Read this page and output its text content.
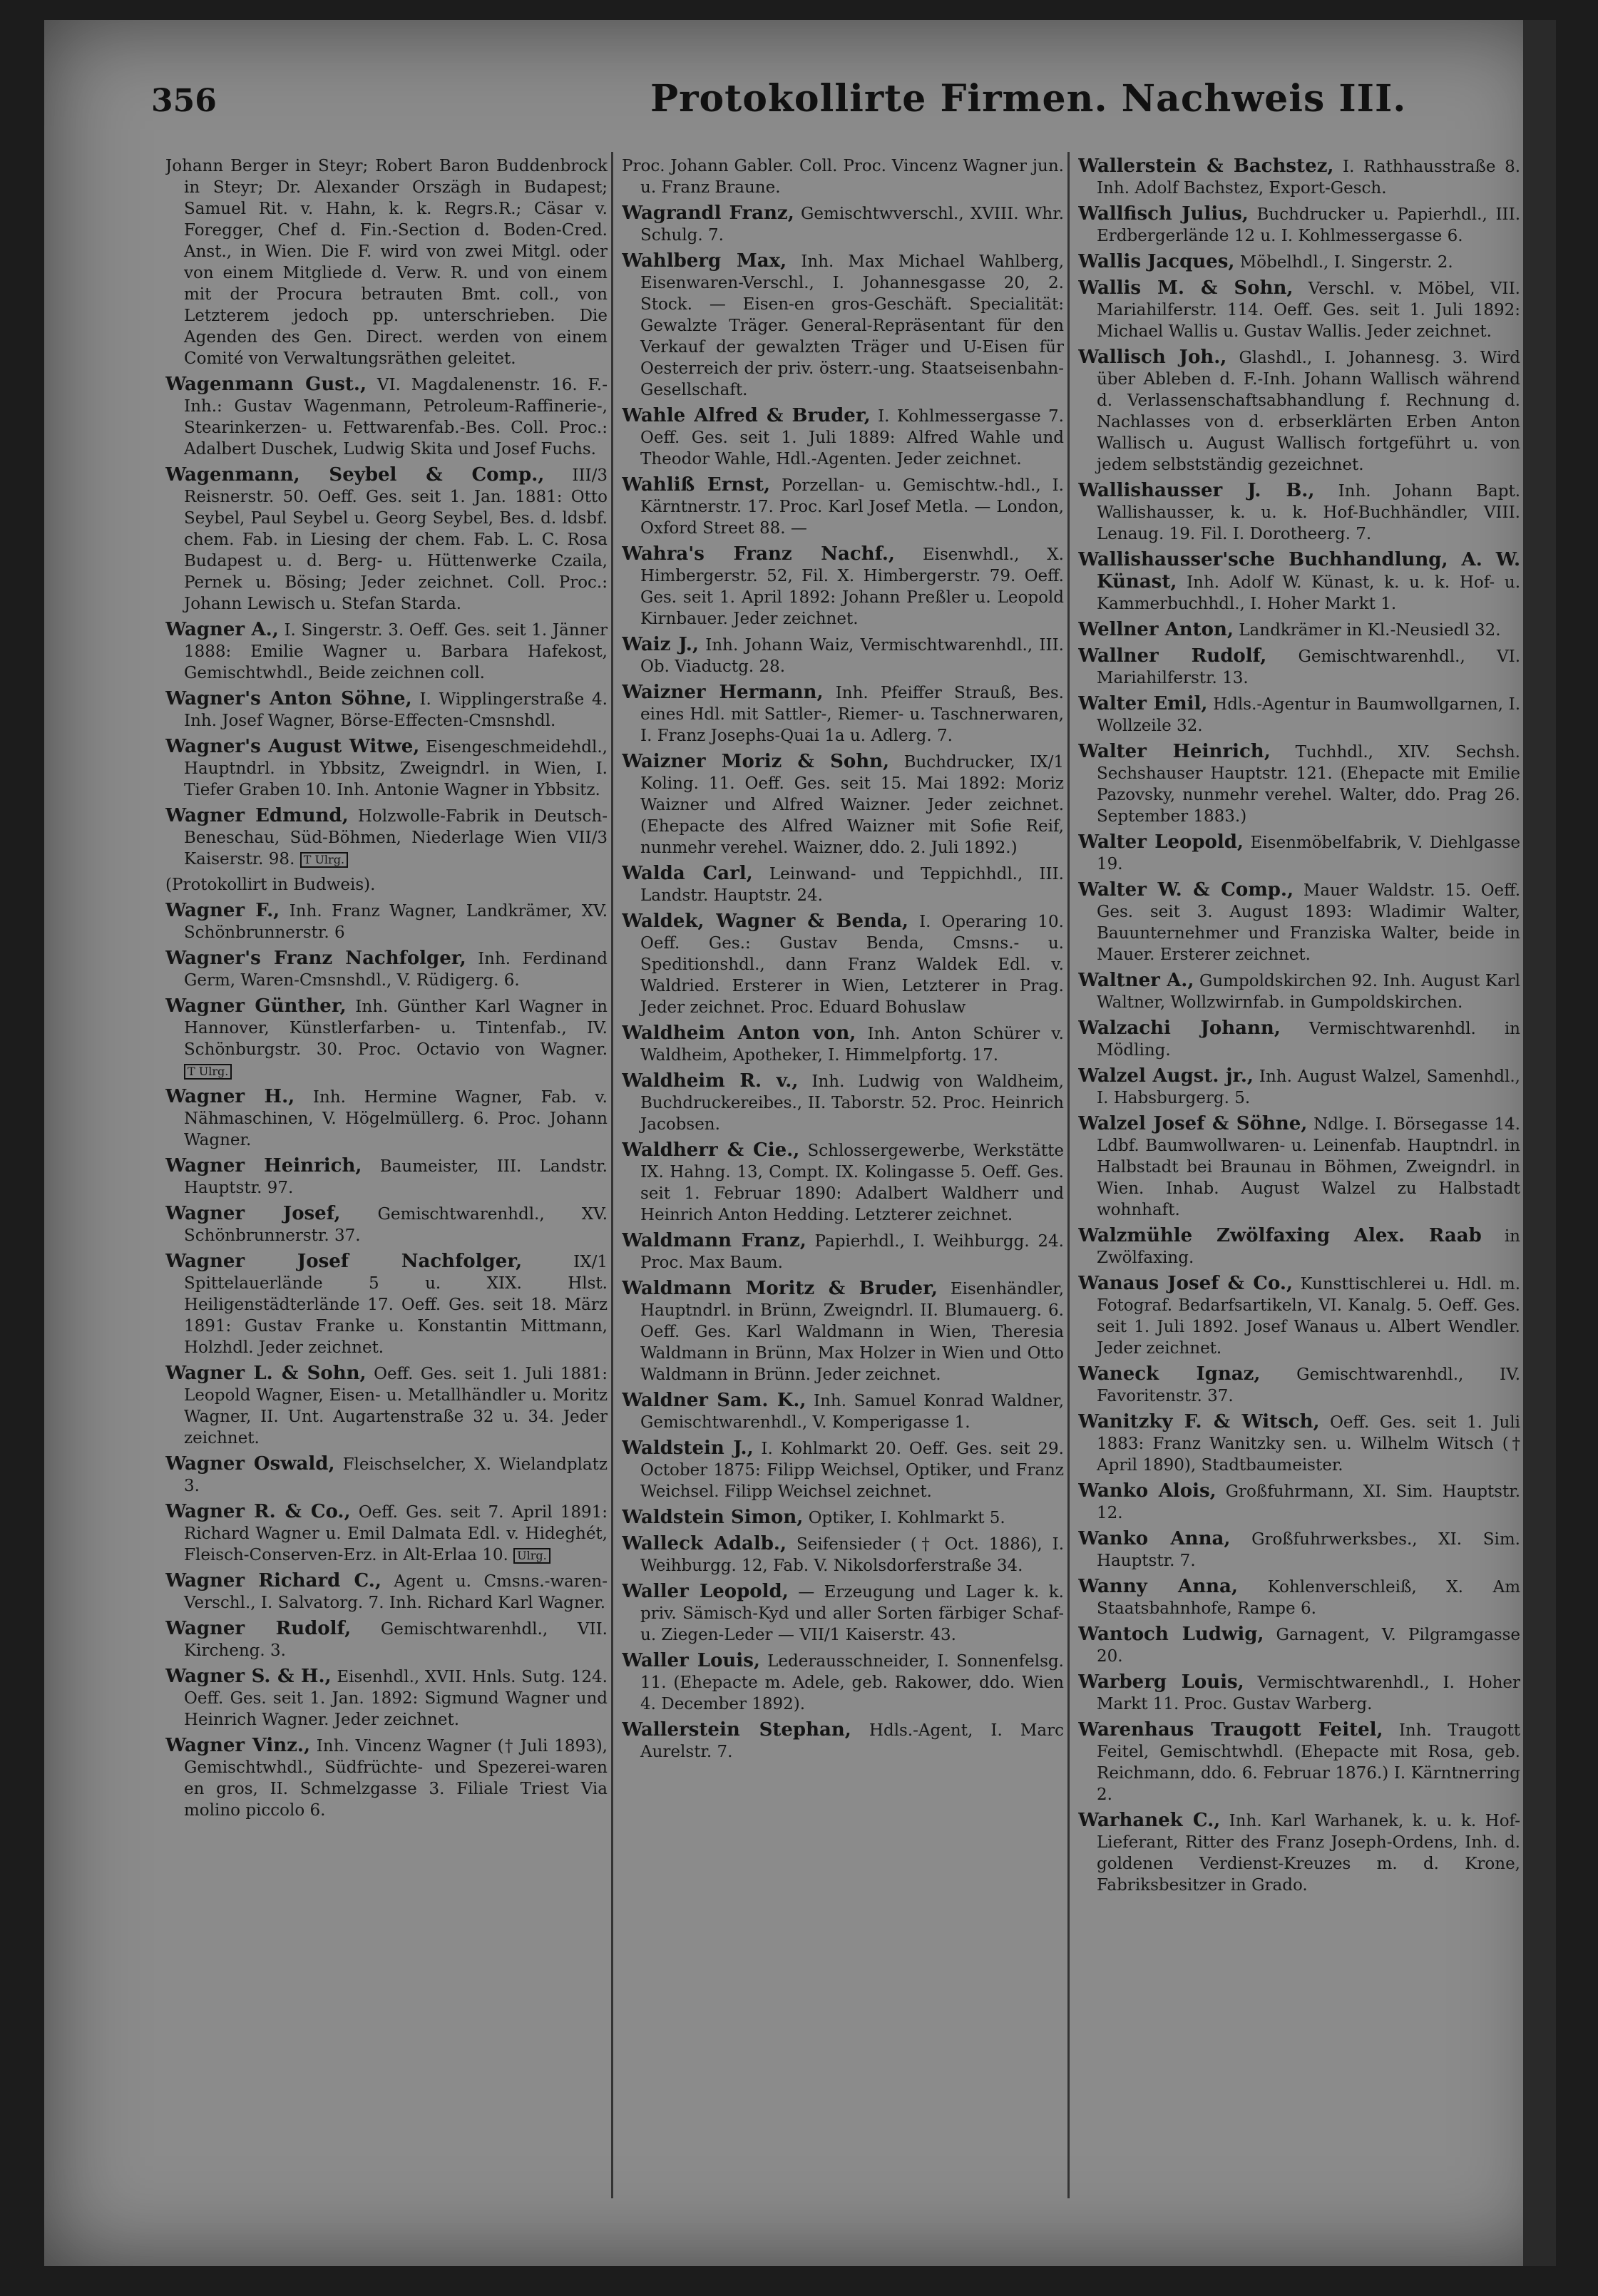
356	Protokollirte Firmen. Nachweis III.
Johann Berger in Steyr; Robert Baron Buddenbrock in Steyr; Dr. Alexander Orszägh in Budapest; Samuel Rit. v. Hahn, k. k. Regrs.R.; Cäsar v. Foregger, Chef d. Fin.-Section d. Boden-Cred. Anst., in Wien. Die F. wird von zwei Mitgl. oder von einem Mitgliede d. Verw. R. und von einem mit der Procura betrauten Bmt. coll., von Letzterem jedoch pp. unterschrieben. Die Agenden des Gen. Direct. werden von einem Comité von Verwaltungsräthen geleitet.
Wagenmann Gust., VI. Magdalenenstr. 16. F.-Inh.: Gustav Wagenmann, Petroleum-Raffinerie-, Stearinkerzen- u. Fettwarenfab.-Bes. Coll. Proc.: Adalbert Duschek, Ludwig Skita und Josef Fuchs.
Wagenmann, Seybel & Comp., III/3 Reisnerstr. 50. Oeff. Ges. seit 1. Jan. 1881: Otto Seybel, Paul Seybel u. Georg Seybel, Bes. d. ldsbf. chem. Fab. in Liesing der chem. Fab. L. C. Rosa Budapest u. d. Berg- u. Hüttenwerke Czaila, Pernek u. Bösing; Jeder zeichnet. Coll. Proc.: Johann Lewisch u. Stefan Starda.
Wagner A., I. Singerstr. 3. Oeff. Ges. seit 1. Jänner 1888: Emilie Wagner u. Barbara Hafekost, Gemischtwhdl., Beide zeichnen coll.
Wagner's Anton Söhne, I. Wipplingerstraße 4. Inh. Josef Wagner, Börse-Effecten-Cmsnshdl.
Wagner's August Witwe, Eisengeschmeidehdl., Hauptndrl. in Ybbsitz, Zweigndrl. in Wien, I. Tiefer Graben 10. Inh. Antonie Wagner in Ybbsitz.
Wagner Edmund, Holzwolle-Fabrik in Deutsch-Beneschau, Süd-Böhmen, Niederlage Wien VII/3 Kaiserstr. 98. T Ulrg.
(Protokollirt in Budweis).
Wagner F., Inh. Franz Wagner, Landkrämer, XV. Schönbrunnerstr. 6
Wagner's Franz Nachfolger, Inh. Ferdinand Germ, Waren-Cmsnshdl., V. Rüdigerg. 6.
Wagner Günther, Inh. Günther Karl Wagner in Hannover, Künstlerfarben- u. Tintenfab., IV. Schönburgstr. 30. Proc. Octavio von Wagner. T Ulrg.
Wagner H., Inh. Hermine Wagner, Fab. v. Nähmaschinen, V. Högelmüllerg. 6. Proc. Johann Wagner.
Wagner Heinrich, Baumeister, III. Landstr. Hauptstr. 97.
Wagner Josef, Gemischtwarenhdl., XV. Schönbrunnerstr. 37.
Wagner Josef Nachfolger,	IX/1 Spittelauerlände 5 u. XIX. Hlst. Heiligenstädterlände 17. Oeff. Ges. seit 18. März 1891: Gustav Franke u. Konstantin Mittmann, Holzhdl. Jeder zeichnet.
Wagner L. & Sohn, Oeff. Ges. seit 1. Juli 1881: Leopold Wagner, Eisen- u. Metallhändler u. Moritz Wagner, II. Unt. Augartenstraße 32 u. 34. Jeder zeichnet.
Wagner Oswald, Fleischselcher, X. Wielandplatz 3.
Wagner R. & Co., Oeff. Ges. seit 7. April 1891: Richard Wagner u. Emil Dalmata Edl. v. Hideghét, Fleisch-Conserven-Erz. in Alt-Erlaa 10. Ulrg.
Wagner Richard C., Agent u. Cmsns.-waren-Verschl., I. Salvatorg. 7. Inh. Richard Karl Wagner.
Wagner Rudolf, Gemischtwarenhdl., VII. Kircheng. 3.
Wagner S. & H., Eisenhdl., XVII. Hnls. Sutg. 124. Oeff. Ges. seit 1. Jan. 1892: Sigmund Wagner und Heinrich Wagner. Jeder zeichnet.
Wagner Vinz., Inh. Vincenz Wagner († Juli 1893), Gemischtwhdl., Südfrüchte- und Spezerei-waren en gros, II. Schmelzgasse 3. Filiale Triest Via molino piccolo 6.
Proc. Johann Gabler. Coll. Proc. Vincenz Wagner jun. u. Franz Braune.
Wagrandl Franz, Gemischtwverschl., XVIII. Whr. Schulg. 7.
Wahlberg Max, Inh. Max Michael Wahlberg, Eisenwaren-Verschl., I. Johannesgasse 20, 2. Stock. — Eisen-en gros-Geschäft. Specialität: Gewalzte Träger. General-Repräsentant für den Verkauf der gewalzten Träger und U-Eisen für Oesterreich der priv. österr.-ung. Staatseisenbahn-Gesellschaft.
Wahle Alfred & Bruder, I. Kohlmessergasse 7. Oeff. Ges. seit 1. Juli 1889: Alfred Wahle und Theodor Wahle, Hdl.-Agenten. Jeder zeichnet.
Wahliß Ernst, Porzellan- u. Gemischtw.-hdl., I. Kärntnerstr. 17. Proc. Karl Josef Metla. — London, Oxford Street 88. —
Wahra's Franz Nachf., Eisenwhdl., X. Himbergerstr. 52, Fil. X. Himbergerstr. 79. Oeff. Ges. seit 1. April 1892: Johann Preßler u. Leopold Kirnbauer. Jeder zeichnet.
Waiz J., Inh. Johann Waiz, Vermischtwarenhdl., III. Ob. Viaductg. 28.
Waizner Hermann, Inh. Pfeiffer Strauß, Bes. eines Hdl. mit Sattler-, Riemer- u. Taschnerwaren, I. Franz Josephs-Quai 1a u. Adlerg. 7.
Waizner Moriz & Sohn, Buchdrucker, IX/1 Koling. 11. Oeff. Ges. seit 15. Mai 1892: Moriz Waizner und Alfred Waizner. Jeder zeichnet. (Ehepacte des Alfred Waizner mit Sofie Reif, nunmehr verehel. Waizner, ddo. 2. Juli 1892.)
Walda Carl, Leinwand- und Teppichhdl., III. Landstr. Hauptstr. 24.
Waldek, Wagner & Benda, I. Operaring 10. Oeff. Ges.: Gustav Benda, Cmsns.- u. Speditionshdl., dann Franz Waldek Edl. v. Waldried. Ersterer in Wien, Letzterer in Prag. Jeder zeichnet. Proc. Eduard Bohuslaw
Waldheim Anton von, Inh. Anton Schürer v. Waldheim, Apotheker, I. Himmelpfortg. 17.
Waldheim R. v., Inh. Ludwig von Waldheim, Buchdruckereibes., II. Taborstr. 52. Proc. Heinrich Jacobsen.
Waldherr & Cie., Schlossergewerbe, Werkstätte IX. Hahng. 13, Compt. IX. Kolingasse 5. Oeff. Ges. seit 1. Februar 1890: Adalbert Waldherr und Heinrich Anton Hedding. Letzterer zeichnet.
Waldmann Franz, Papierhdl., I. Weihburgg. 24. Proc. Max Baum.
Waldmann Moritz & Bruder, Eisenhändler, Hauptndrl. in Brünn, Zweigndrl. II. Blumauerg. 6. Oeff. Ges. Karl Waldmann in Wien, Theresia Waldmann in Brünn, Max Holzer in Wien und Otto Waldmann in Brünn. Jeder zeichnet.
Waldner Sam. K., Inh. Samuel Konrad Waldner, Gemischtwarenhdl., V. Komperigasse 1.
Waldstein J., I. Kohlmarkt 20. Oeff. Ges. seit 29. October 1875: Filipp Weichsel, Optiker, und Franz Weichsel. Filipp Weichsel zeichnet.
Waldstein Simon, Optiker, I. Kohlmarkt 5.
Walleck Adalb., Seifensieder († Oct. 1886), I. Weihburgg. 12, Fab. V. Nikolsdorferstraße 34.
Waller Leopold, — Erzeugung und Lager k. k. priv. Sämisch-Kyd und aller Sorten färbiger Schaf- u. Ziegen-Leder — VII/1 Kaiserstr. 43.
Waller Louis, Lederausschneider, I. Sonnenfelsg. 11. (Ehepacte m. Adele, geb. Rakower, ddo. Wien 4. December 1892).
Wallerstein Stephan, Hdls.-Agent, I. Marc Aurelstr. 7.
Wallerstein & Bachstez, I. Rathhausstraße 8. Inh. Adolf Bachstez, Export-Gesch.
Wallfisch Julius, Buchdrucker u. Papierhdl., III. Erdbergerlände 12 u. I. Kohlmessergasse 6.
Wallis Jacques, Möbelhdl., I. Singerstr. 2.
Wallis M. & Sohn, Verschl. v. Möbel, VII. Mariahilferstr. 114. Oeff. Ges. seit 1. Juli 1892: Michael Wallis u. Gustav Wallis. Jeder zeichnet.
Wallisch Joh., Glashdl., I. Johannesg. 3. Wird über Ableben d. F.-Inh. Johann Wallisch während d. Verlassenschaftsabhandlung f. Rechnung d. Nachlasses von d. erbserklärten Erben Anton Wallisch u. August Wallisch fortgeführt u. von jedem selbstständig gezeichnet.
Wallishausser J. B., Inh. Johann Bapt. Wallishausser, k. u. k. Hof-Buchhändler, VIII. Lenaug. 19. Fil. I. Dorotheerg. 7.
Wallishausser'sche Buchhandlung, A. W. Künast, Inh. Adolf W. Künast, k. u. k. Hof- u. Kammerbuchhdl., I. Hoher Markt 1.
Wellner Anton, Landkrämer in Kl.-Neusiedl 32.
Wallner Rudolf, Gemischtwarenhdl., VI. Mariahilferstr. 13.
Walter Emil, Hdls.-Agentur in Baumwollgarnen, I. Wollzeile 32.
Walter Heinrich, Tuchhdl., XIV. Sechsh. Sechshauser Hauptstr. 121. (Ehepacte mit Emilie Pazovsky, nunmehr verehel. Walter, ddo. Prag 26. September 1883.)
Walter Leopold, Eisenmöbelfabrik, V. Diehlgasse 19.
Walter W. & Comp., Mauer Waldstr. 15. Oeff. Ges. seit 3. August 1893: Wladimir Walter, Bauunternehmer und Franziska Walter, beide in Mauer. Ersterer zeichnet.
Waltner A., Gumpoldskirchen 92. Inh. August Karl Waltner, Wollzwirnfab. in Gumpoldskirchen.
Walzachi Johann, Vermischtwarenhdl. in Mödling.
Walzel Augst. jr., Inh. August Walzel, Samenhdl., I. Habsburgerg. 5.
Walzel Josef & Söhne, Ndlge. I. Börsegasse 14. Ldbf. Baumwollwaren- u. Leinenfab. Hauptndrl. in Halbstadt bei Braunau in Böhmen, Zweigndrl. in Wien. Inhab. August Walzel zu Halbstadt wohnhaft.
Walzmühle Zwölfaxing Alex. Raab in Zwölfaxing.
Wanaus Josef & Co., Kunsttischlerei u. Hdl. m. Fotograf. Bedarfsartikeln, VI. Kanalg. 5. Oeff. Ges. seit 1. Juli 1892. Josef Wanaus u. Albert Wendler. Jeder zeichnet.
Waneck Ignaz, Gemischtwarenhdl., IV. Favoritenstr. 37.
Wanitzky F. & Witsch, Oeff. Ges. seit 1. Juli 1883: Franz Wanitzky sen. u. Wilhelm Witsch († April 1890), Stadtbaumeister.
Wanko Alois, Großfuhrmann, XI. Sim. Hauptstr. 12.
Wanko Anna, Großfuhrwerksbes., XI. Sim. Hauptstr. 7.
Wanny Anna, Kohlenverschleiß, X. Am Staatsbahnhofe, Rampe 6.
Wantoch Ludwig, Garnagent, V. Pilgramgasse 20.
Warberg Louis, Vermischtwarenhdl., I. Hoher Markt 11. Proc. Gustav Warberg.
Warenhaus Traugott Feitel, Inh. Traugott Feitel, Gemischtwhdl. (Ehepacte mit Rosa, geb. Reichmann, ddo. 6. Februar 1876.) I. Kärntnerring 2.
Warhanek C., Inh. Karl Warhanek, k. u. k. Hof-Lieferant, Ritter des Franz Joseph-Ordens, Inh. d. goldenen Verdienst-Kreuzes m. d. Krone, Fabriksbesitzer in Grado.
